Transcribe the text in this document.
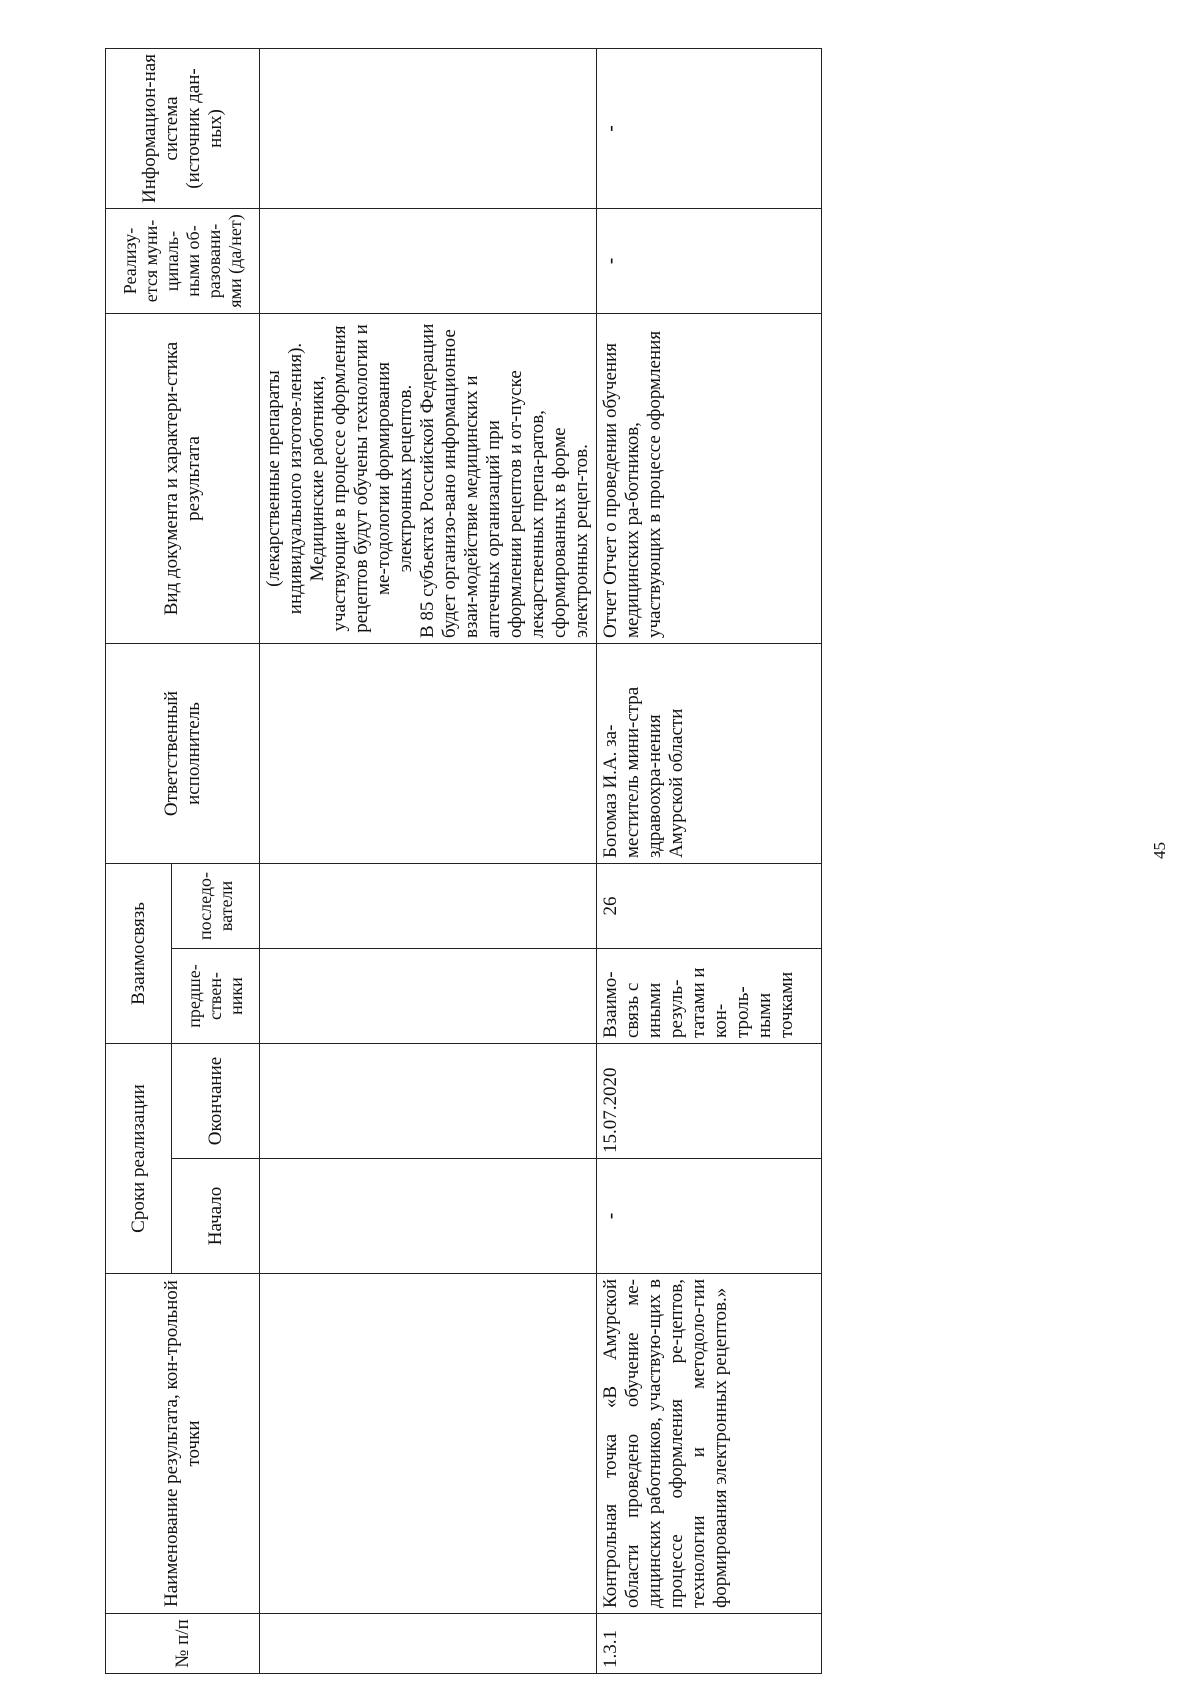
45
№ п/п	Наименование результата, кон-трольной точки	Сроки реализации		Взаимосвязь		Ответственный исполнитель	Вид документа и характери-стика результата	Реализу-ется муни-ципаль-ными об-разовани-ями (да/нет)	Информацион-ная система (источник дан-ных)
		Начало	Окончание	предше-ствен-ники	последо-ватели				

							(лекарственные препараты индивидуального изготов-ления). Медицинские работники, участвующие в процессе оформления рецептов будут обучены технологии и ме-тодологии формирования электронных рецептов. В 85 субъектах Российской Федерации будет организо-вано информационное взаи-модействие медицинских и аптечных организаций при оформлении рецептов и от-пуске лекарственных препа-ратов, сформированных в форме электронных рецеп-тов.		

1.3.1	Контрольная точка «В Амурской области проведено обучение ме-дицинских работников, участвую-щих в процессе оформления ре-цептов, технологии и методоло-гии формирования электронных рецептов.»	-	15.07.2020	Взаимо-связь с иными резуль-татами и кон-троль-ными точками	26	Богомаз И.А. за-меститель мини-стра здравоохра-нения Амурской области	Отчет Отчет о проведении обучения медицинских ра-ботников, участвующих в процессе оформления	-	-
